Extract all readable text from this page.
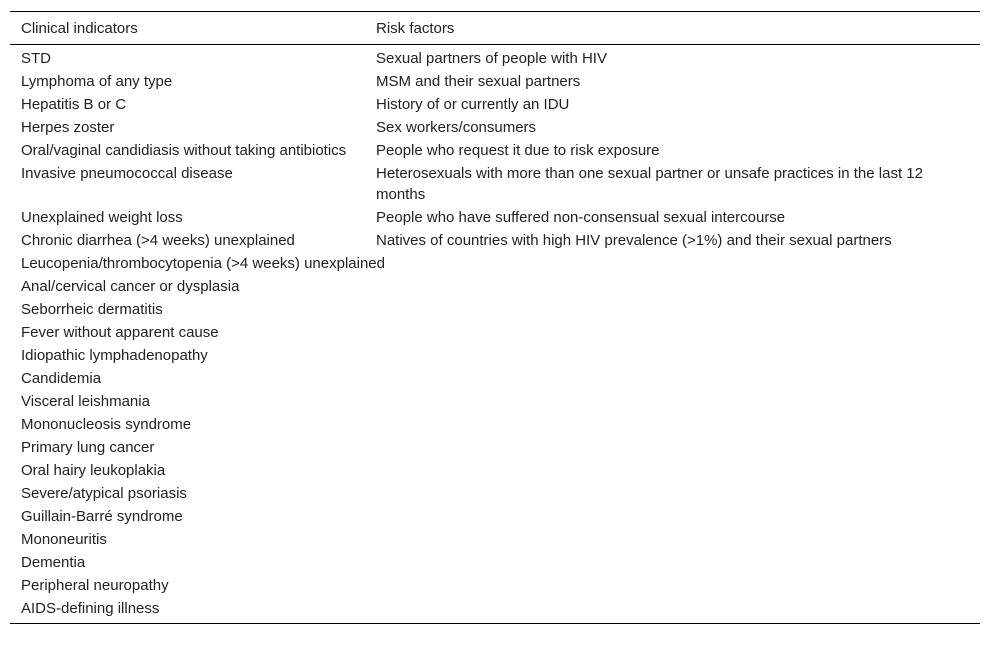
Clinical indicators	Risk factors
STD	Sexual partners of people with HIV
Lymphoma of any type	MSM and their sexual partners
Hepatitis B or C	History of or currently an IDU
Herpes zoster	Sex workers/consumers
Oral/vaginal candidiasis without taking antibiotics	People who request it due to risk exposure
Invasive pneumococcal disease	Heterosexuals with more than one sexual partner or unsafe practices in the last 12 months
Unexplained weight loss	People who have suffered non-consensual sexual intercourse
Chronic diarrhea (>4 weeks) unexplained	Natives of countries with high HIV prevalence (>1%) and their sexual partners
Leucopenia/thrombocytopenia (>4 weeks) unexplained	
Anal/cervical cancer or dysplasia	
Seborrheic dermatitis	
Fever without apparent cause	
Idiopathic lymphadenopathy	
Candidemia	
Visceral leishmania	
Mononucleosis syndrome	
Primary lung cancer	
Oral hairy leukoplakia	
Severe/atypical psoriasis	
Guillain-Barré syndrome	
Mononeuritis	
Dementia	
Peripheral neuropathy	
AIDS-defining illness	
